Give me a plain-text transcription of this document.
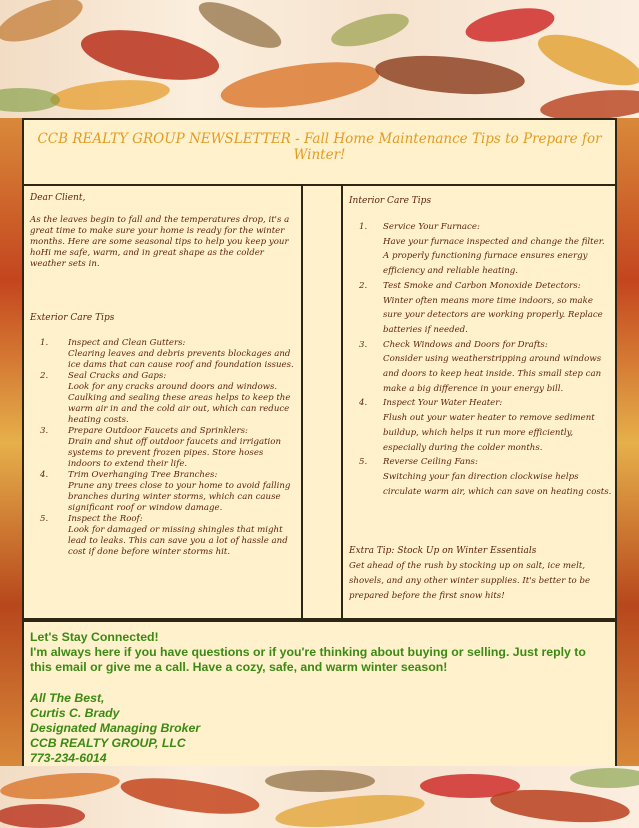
CCB REALTY GROUP NEWSLETTER - Fall Home Maintenance Tips to Prepare for Winter!
Dear Client,
As the leaves begin to fall and the temperatures drop, it's a great time to make sure your home is ready for the winter months. Here are some seasonal tips to help you keep your hoHi me safe, warm, and in great shape as the colder weather sets in.
Exterior Care Tips
1. Inspect and Clean Gutters:
Clearing leaves and debris prevents blockages and ice dams that can cause roof and foundation issues.
2. Seal Cracks and Gaps:
Look for any cracks around doors and windows. Caulking and sealing these areas helps to keep the warm air in and the cold air out, which can reduce heating costs.
3. Prepare Outdoor Faucets and Sprinklers:
Drain and shut off outdoor faucets and irrigation systems to prevent frozen pipes. Store hoses indoors to extend their life.
4. Trim Overhanging Tree Branches:
Prune any trees close to your home to avoid falling branches during winter storms, which can cause significant roof or window damage.
5. Inspect the Roof:
Look for damaged or missing shingles that might lead to leaks. This can save you a lot of hassle and cost if done before winter storms hit.
Interior Care Tips
1. Service Your Furnace:
Have your furnace inspected and change the filter. A properly functioning furnace ensures energy efficiency and reliable heating.
2. Test Smoke and Carbon Monoxide Detectors:
Winter often means more time indoors, so make sure your detectors are working properly. Replace batteries if needed.
3. Check Windows and Doors for Drafts:
Consider using weatherstripping around windows and doors to keep heat inside. This small step can make a big difference in your energy bill.
4. Inspect Your Water Heater:
Flush out your water heater to remove sediment buildup, which helps it run more efficiently, especially during the colder months.
5. Reverse Ceiling Fans:
Switching your fan direction clockwise helps circulate warm air, which can save on heating costs.
Extra Tip: Stock Up on Winter Essentials
Get ahead of the rush by stocking up on salt, ice melt, shovels, and any other winter supplies. It's better to be prepared before the first snow hits!
Let's Stay Connected!
I'm always here if you have questions or if you're thinking about buying or selling. Just reply to this email or give me a call. Have a cozy, safe, and warm winter season!
All The Best,
Curtis C. Brady
Designated Managing Broker
CCB REALTY GROUP, LLC
773-234-6014
